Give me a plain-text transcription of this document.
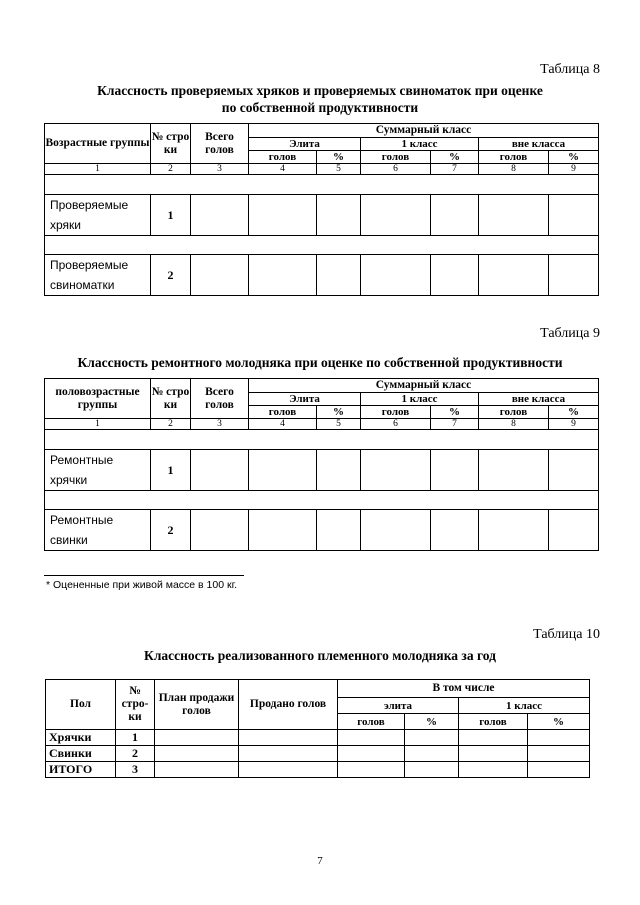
Таблица 8
Классность проверяемых хряков и проверяемых свиноматок при оценке
по собственной продуктивности
Возрастные группы	№ стро ки	Всего голов	Суммарный класс					
			Элита		1 класс		вне класса	
			голов	%	голов	%	голов	%
1	2	3	4	5	6	7	8	9

Проверяемые хряки	1							

Проверяемые свиноматки	2							
Таблица 9
Классность ремонтного молодняка при оценке по собственной продуктивности
половозрастные группы	№ стро ки	Всего голов	Суммарный класс					
			Элита		1 класс		вне класса	
			голов	%	голов	%	голов	%
1	2	3	4	5	6	7	8	9

Ремонтные хрячки	1							

Ремонтные свинки	2							
* Оцененные при живой массе в 100 кг.
Таблица 10
Классность реализованного племенного молодняка за год
Пол	№ стро- ки	План продажи голов	Продано голов	В том числе			
				элита		1 класс	
				голов	%	голов	%
Хрячки	1						
Свинки	2						
ИТОГО	3						
7
